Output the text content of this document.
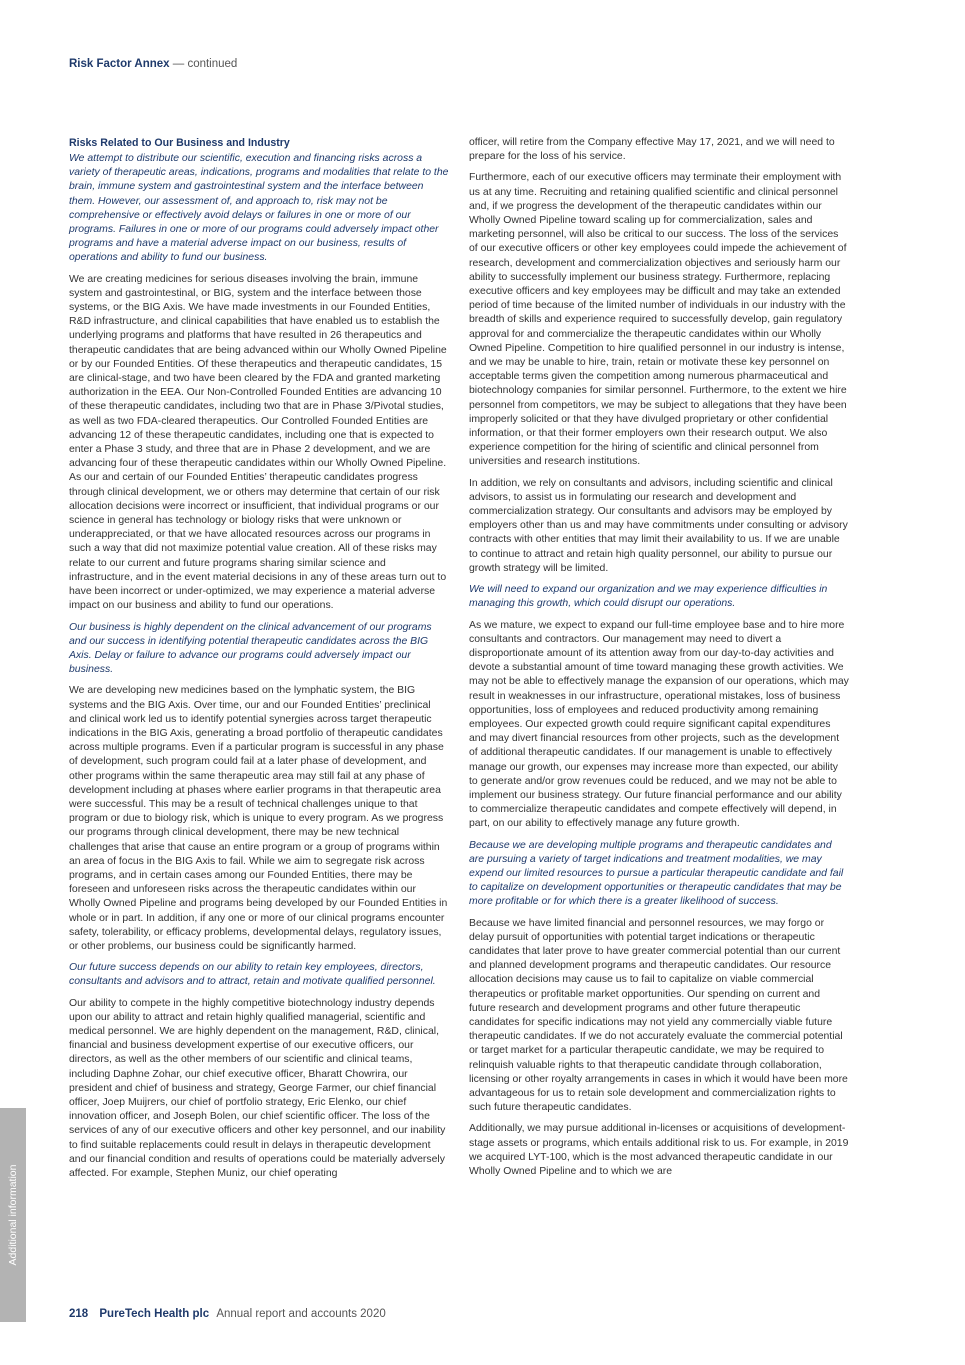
Risk Factor Annex — continued
Risks Related to Our Business and Industry

We attempt to distribute our scientific, execution and financing risks across a variety of therapeutic areas, indications, programs and modalities that relate to the brain, immune system and gastrointestinal system and the interface between them. However, our assessment of, and approach to, risk may not be comprehensive or effectively avoid delays or failures in one or more of our programs. Failures in one or more of our programs could adversely impact other programs and have a material adverse impact on our business, results of operations and ability to fund our business.

We are creating medicines for serious diseases involving the brain, immune system and gastrointestinal, or BIG, system and the interface between those systems, or the BIG Axis. We have made investments in our Founded Entities, R&D infrastructure, and clinical capabilities that have enabled us to establish the underlying programs and platforms that have resulted in 26 therapeutics and therapeutic candidates that are being advanced within our Wholly Owned Pipeline or by our Founded Entities. Of these therapeutics and therapeutic candidates, 15 are clinical-stage, and two have been cleared by the FDA and granted marketing authorization in the EEA. Our Non-Controlled Founded Entities are advancing 10 of these therapeutic candidates, including two that are in Phase 3/Pivotal studies, as well as two FDA-cleared therapeutics. Our Controlled Founded Entities are advancing 12 of these therapeutic candidates, including one that is expected to enter a Phase 3 study, and three that are in Phase 2 development, and we are advancing four of these therapeutic candidates within our Wholly Owned Pipeline. As our and certain of our Founded Entities’ therapeutic candidates progress through clinical development, we or others may determine that certain of our risk allocation decisions were incorrect or insufficient, that individual programs or our science in general has technology or biology risks that were unknown or underappreciated, or that we have allocated resources across our programs in such a way that did not maximize potential value creation. All of these risks may relate to our current and future programs sharing similar science and infrastructure, and in the event material decisions in any of these areas turn out to have been incorrect or under-optimized, we may experience a material adverse impact on our business and ability to fund our operations.

Our business is highly dependent on the clinical advancement of our programs and our success in identifying potential therapeutic candidates across the BIG Axis. Delay or failure to advance our programs could adversely impact our business.

We are developing new medicines based on the lymphatic system, the BIG systems and the BIG Axis. Over time, our and our Founded Entities’ preclinical and clinical work led us to identify potential synergies across target therapeutic indications in the BIG Axis, generating a broad portfolio of therapeutic candidates across multiple programs. Even if a particular program is successful in any phase of development, such program could fail at a later phase of development, and other programs within the same therapeutic area may still fail at any phase of development including at phases where earlier programs in that therapeutic area were successful. This may be a result of technical challenges unique to that program or due to biology risk, which is unique to every program. As we progress our programs through clinical development, there may be new technical challenges that arise that cause an entire program or a group of programs within an area of focus in the BIG Axis to fail. While we aim to segregate risk across programs, and in certain cases among our Founded Entities, there may be foreseen and unforeseen risks across the therapeutic candidates within our Wholly Owned Pipeline and programs being developed by our Founded Entities in whole or in part. In addition, if any one or more of our clinical programs encounter safety, tolerability, or efficacy problems, developmental delays, regulatory issues, or other problems, our business could be significantly harmed.

Our future success depends on our ability to retain key employees, directors, consultants and advisors and to attract, retain and motivate qualified personnel.

Our ability to compete in the highly competitive biotechnology industry depends upon our ability to attract and retain highly qualified managerial, scientific and medical personnel. We are highly dependent on the management, R&D, clinical, financial and business development expertise of our executive officers, our directors, as well as the other members of our scientific and clinical teams, including Daphne Zohar, our chief executive officer, Bharatt Chowrira, our president and chief of business and strategy, George Farmer, our chief financial officer, Joep Muijrers, our chief of portfolio strategy, Eric Elenko, our chief innovation officer, and Joseph Bolen, our chief scientific officer. The loss of the services of any of our executive officers and other key personnel, and our inability to find suitable replacements could result in delays in therapeutic development and our financial condition and results of operations could be materially adversely affected. For example, Stephen Muniz, our chief operating

officer, will retire from the Company effective May 17, 2021, and we will need to prepare for the loss of his service.

Furthermore, each of our executive officers may terminate their employment with us at any time. Recruiting and retaining qualified scientific and clinical personnel and, if we progress the development of the therapeutic candidates within our Wholly Owned Pipeline toward scaling up for commercialization, sales and marketing personnel, will also be critical to our success. The loss of the services of our executive officers or other key employees could impede the achievement of research, development and commercialization objectives and seriously harm our ability to successfully implement our business strategy. Furthermore, replacing executive officers and key employees may be difficult and may take an extended period of time because of the limited number of individuals in our industry with the breadth of skills and experience required to successfully develop, gain regulatory approval for and commercialize the therapeutic candidates within our Wholly Owned Pipeline. Competition to hire qualified personnel in our industry is intense, and we may be unable to hire, train, retain or motivate these key personnel on acceptable terms given the competition among numerous pharmaceutical and biotechnology companies for similar personnel. Furthermore, to the extent we hire personnel from competitors, we may be subject to allegations that they have been improperly solicited or that they have divulged proprietary or other confidential information, or that their former employers own their research output. We also experience competition for the hiring of scientific and clinical personnel from universities and research institutions.

In addition, we rely on consultants and advisors, including scientific and clinical advisors, to assist us in formulating our research and development and commercialization strategy. Our consultants and advisors may be employed by employers other than us and may have commitments under consulting or advisory contracts with other entities that may limit their availability to us. If we are unable to continue to attract and retain high quality personnel, our ability to pursue our growth strategy will be limited.

We will need to expand our organization and we may experience difficulties in managing this growth, which could disrupt our operations.

As we mature, we expect to expand our full-time employee base and to hire more consultants and contractors. Our management may need to divert a disproportionate amount of its attention away from our day-to-day activities and devote a substantial amount of time toward managing these growth activities. We may not be able to effectively manage the expansion of our operations, which may result in weaknesses in our infrastructure, operational mistakes, loss of business opportunities, loss of employees and reduced productivity among remaining employees. Our expected growth could require significant capital expenditures and may divert financial resources from other projects, such as the development of additional therapeutic candidates. If our management is unable to effectively manage our growth, our expenses may increase more than expected, our ability to generate and/or grow revenues could be reduced, and we may not be able to implement our business strategy. Our future financial performance and our ability to commercialize therapeutic candidates and compete effectively will depend, in part, on our ability to effectively manage any future growth.

Because we are developing multiple programs and therapeutic candidates and are pursuing a variety of target indications and treatment modalities, we may expend our limited resources to pursue a particular therapeutic candidate and fail to capitalize on development opportunities or therapeutic candidates that may be more profitable or for which there is a greater likelihood of success.

Because we have limited financial and personnel resources, we may forgo or delay pursuit of opportunities with potential target indications or therapeutic candidates that later prove to have greater commercial potential than our current and planned development programs and therapeutic candidates. Our resource allocation decisions may cause us to fail to capitalize on viable commercial therapeutics or profitable market opportunities. Our spending on current and future research and development programs and other future therapeutic candidates for specific indications may not yield any commercially viable future therapeutic candidates. If we do not accurately evaluate the commercial potential or target market for a particular therapeutic candidate, we may be required to relinquish valuable rights to that therapeutic candidate through collaboration, licensing or other royalty arrangements in cases in which it would have been more advantageous for us to retain sole development and commercialization rights to such future therapeutic candidates.

Additionally, we may pursue additional in-licenses or acquisitions of development-stage assets or programs, which entails additional risk to us. For example, in 2019 we acquired LYT-100, which is the most advanced therapeutic candidate in our Wholly Owned Pipeline and to which we are

Additional information
218 PureTech Health plc Annual report and accounts 2020
